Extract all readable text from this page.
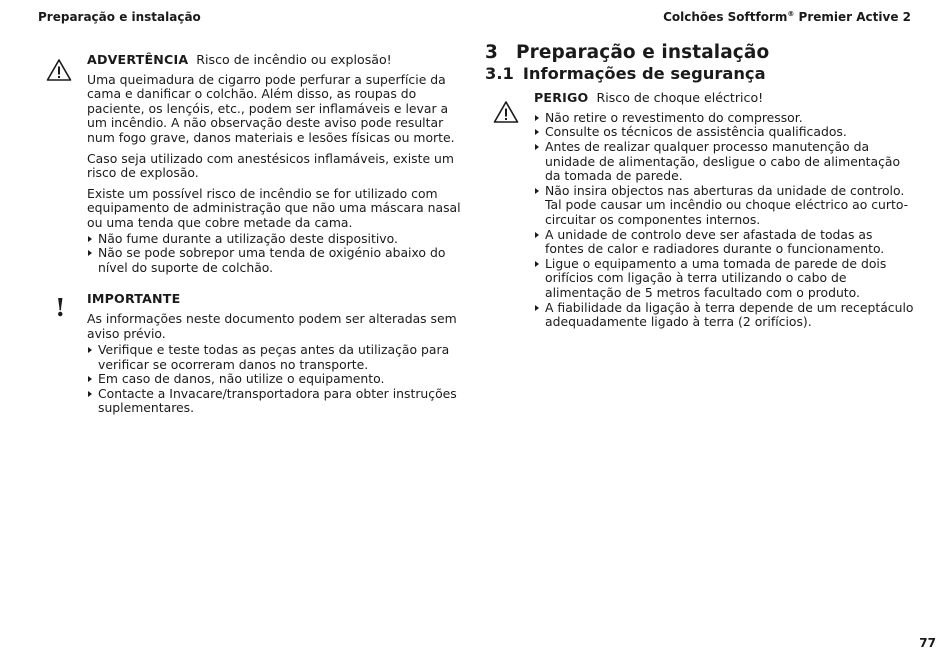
Preparação e instalação	Colchões Softform® Premier Active 2
!
ADVERTÊNCIA Risco de incêndio ou explosão!

Uma queimadura de cigarro pode perfurar a superfície da cama e danificar o colchão. Além disso, as roupas do paciente, os lençóis, etc., podem ser inflamáveis e levar a um incêndio. A não observação deste aviso pode resultar num fogo grave, danos materiais e lesões físicas ou morte.

Caso seja utilizado com anestésicos inflamáveis, existe um risco de explosão.

Existe um possível risco de incêndio se for utilizado com equipamento de administração que não uma máscara nasal ou uma tenda que cobre metade da cama.

Não fume durante a utilização deste dispositivo.
Não se pode sobrepor uma tenda de oxigénio abaixo do nível do suporte de colchão.
IMPORTANTE

As informações neste documento podem ser alteradas sem aviso prévio.

Verifique e teste todas as peças antes da utilização para verificar se ocorreram danos no transporte.
Em caso de danos, não utilize o equipamento.
Contacte a Invacare/transportadora para obter instruções suplementares.
3 Preparação e instalação
3.1 Informações de segurança
PERIGO Risco de choque eléctrico!
Não retire o revestimento do compressor.
Consulte os técnicos de assistência qualificados.
Antes de realizar qualquer processo manutenção da unidade de alimentação, desligue o cabo de alimentação da tomada de parede.
Não insira objectos nas aberturas da unidade de controlo. Tal pode causar um incêndio ou choque eléctrico ao curto-circuitar os componentes internos.
A unidade de controlo deve ser afastada de todas as fontes de calor e radiadores durante o funcionamento.
Ligue o equipamento a uma tomada de parede de dois orifícios com ligação à terra utilizando o cabo de alimentação de 5 metros facultado com o produto.
A fiabilidade da ligação à terra depende de um receptáculo adequadamente ligado à terra (2 orifícios).
77
